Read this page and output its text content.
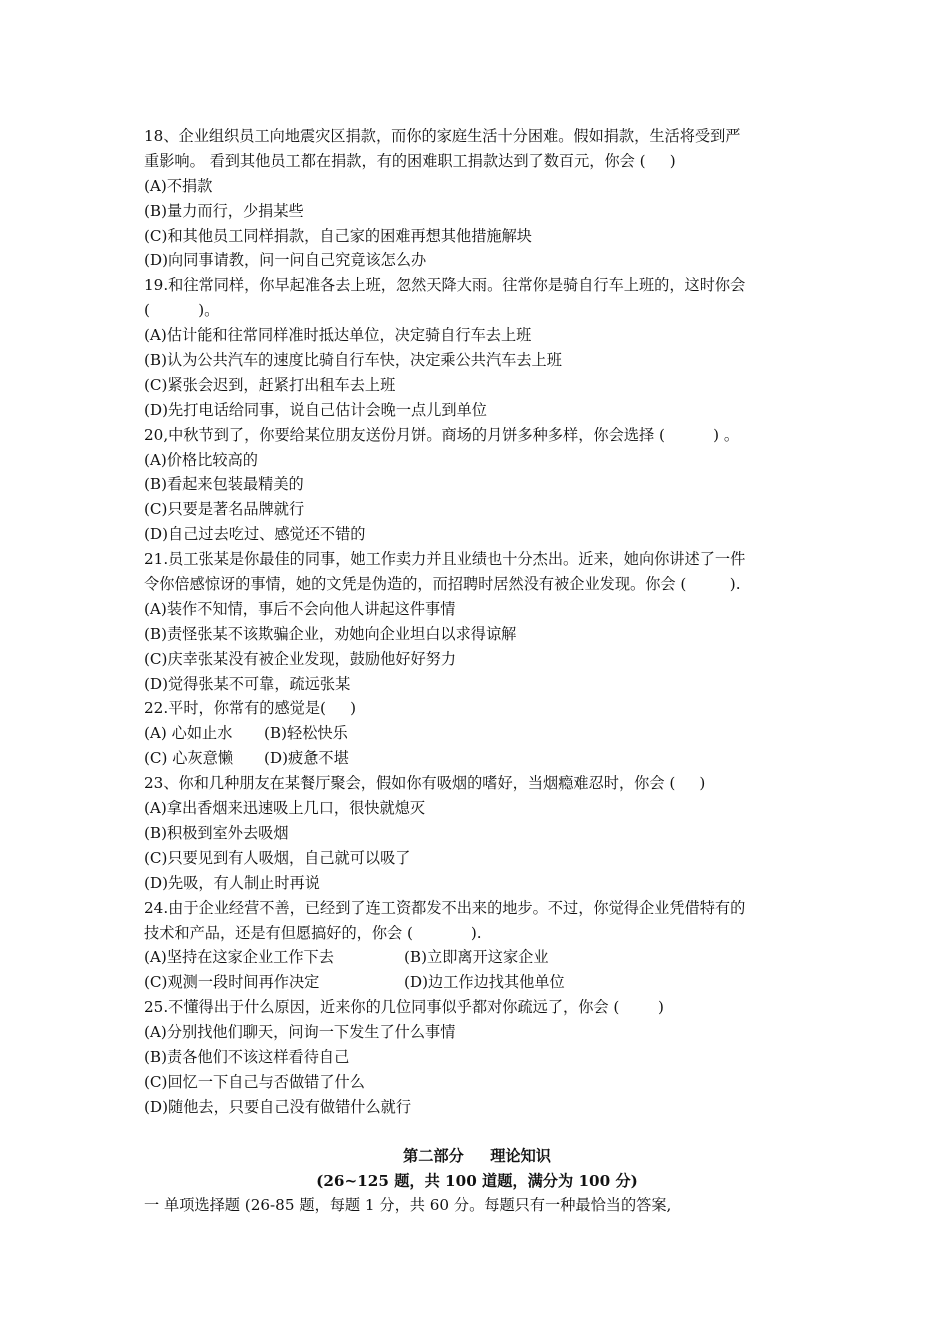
18、企业组织员工向地震灾区捐款，而你的家庭生活十分困难。假如捐款，生活将受到严
重影响。 看到其他员工都在捐款，有的困难职工捐款达到了数百元，你会 (     )
(A)不捐款
(B)量力而行，少捐某些
(C)和其他员工同样捐款，自己家的困难再想其他措施解块
(D)向同事请教，问一问自己究竟该怎么办
19.和往常同样，你早起准各去上班，忽然天降大雨。往常你是骑自行车上班的，这时你会
(          )。
(A)估计能和往常同样准时抵达单位，决定骑自行车去上班
(B)认为公共汽车的速度比骑自行车快，决定乘公共汽车去上班
(C)紧张会迟到，赶紧打出租车去上班
(D)先打电话给同事，说自己估计会晚一点儿到单位
20,中秋节到了，你要给某位朋友送份月饼。商场的月饼多种多样，你会选择 (          ) 。
(A)价格比较高的
(B)看起来包装最精美的
(C)只要是著名品牌就行
(D)自己过去吃过、感觉还不错的
21.员工张某是你最佳的同事，她工作卖力并且业绩也十分杰出。近来，她向你讲述了一件
令你倍感惊讶的事情，她的文凭是伪造的，而招聘时居然没有被企业发现。你会 (         ).
(A)装作不知情，事后不会向他人讲起这件事情
(B)责怪张某不该欺骗企业，劝她向企业坦白以求得谅解
(C)庆幸张某没有被企业发现，鼓励他好好努力
(D)觉得张某不可靠，疏远张某
22.平时，你常有的感觉是(     )
(A) 心如止水	(B)轻松快乐
(C) 心灰意懒	(D)疲惫不堪
23、你和几种朋友在某餐厅聚会，假如你有吸烟的嗜好，当烟瘾难忍时，你会 (     )
(A)拿出香烟来迅速吸上几口，很快就熄灭
(B)积极到室外去吸烟
(C)只要见到有人吸烟，自己就可以吸了
(D)先吸，有人制止时再说
24.由于企业经营不善，已经到了连工资都发不出来的地步。不过，你觉得企业凭借特有的
技术和产品，还是有但愿搞好的，你会 (            ).
(A)坚持在这家企业工作下去	(B)立即离开这家企业
(C)观测一段时间再作决定	(D)边工作边找其他单位
25.不懂得出于什么原因，近来你的几位同事似乎都对你疏远了，你会 (        )
(A)分别找他们聊天，问询一下发生了什么事情
(B)责各他们不该这样看待自己
(C)回忆一下自己与否做错了什么
(D)随他去，只要自己没有做错什么就行
第二部分     理论知识
(26~125 题，共 100 道题，满分为 100 分)
一 单项选择题 (26-85 题，每题 1 分，共 60 分。每题只有一种最恰当的答案,
